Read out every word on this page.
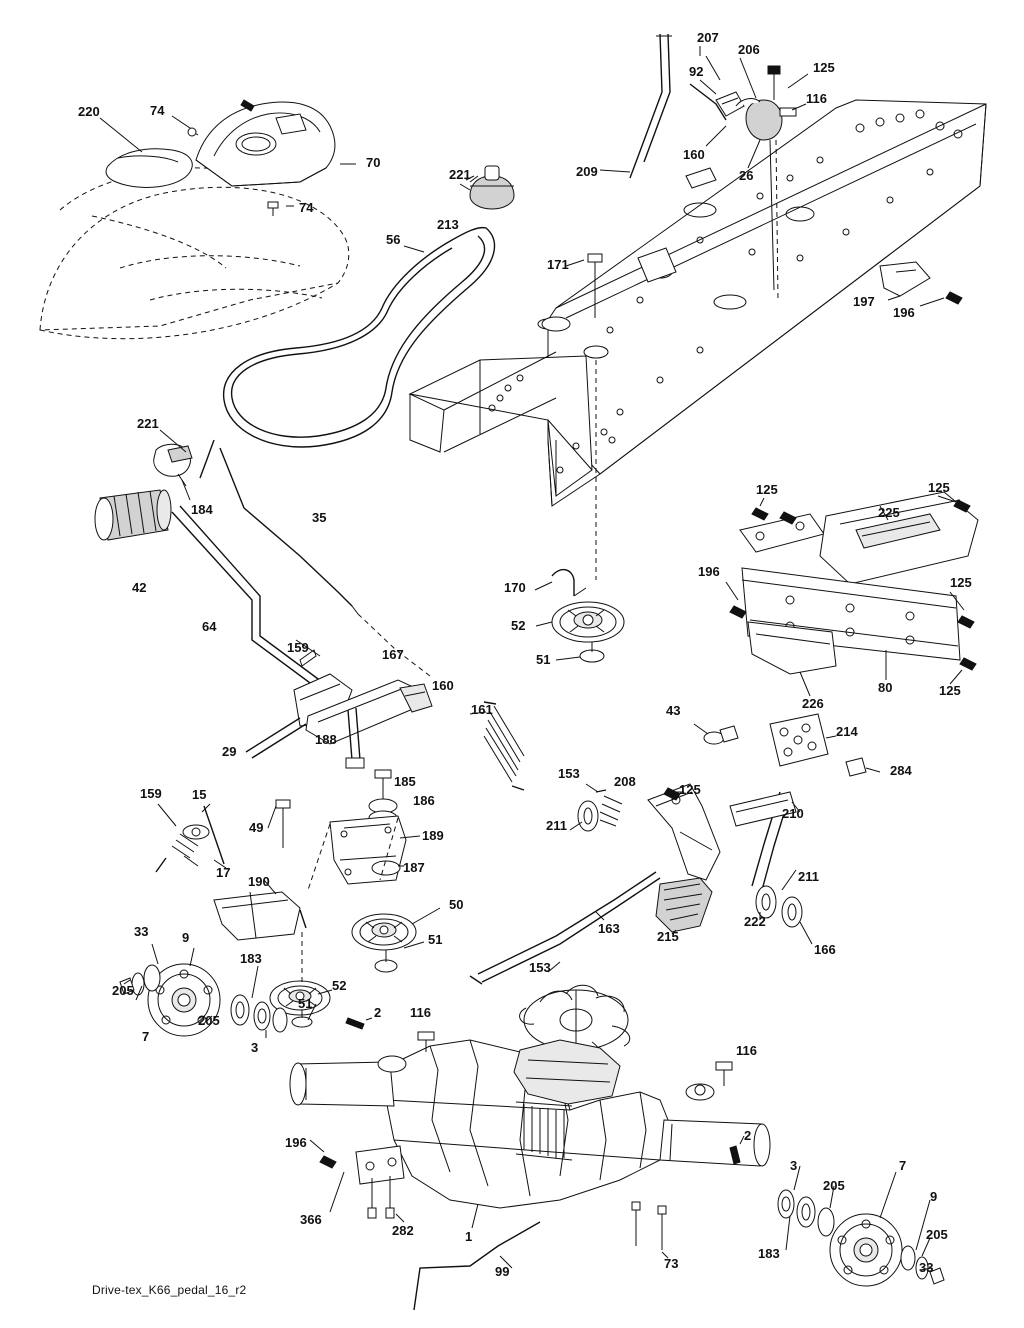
220	74
70
74
221
213
56
207
206
125
92
116
160
26
209
171
197
196
221
184
42
35
64
159	167
160
161
170
52
51
29
188
185
186
189
187
159 15
49
17
190
33	9
205
7
205
183
3
50
51
52
51
2 116
153
208
125
211
163
153
43
214
284
210
211
222
166
215
125	125
225
196
125
226
80	125
116
2
3
205
7
9
205
33
183
196
366
282	1
73
99
Drive-tex_K66_pedal_16_r2
